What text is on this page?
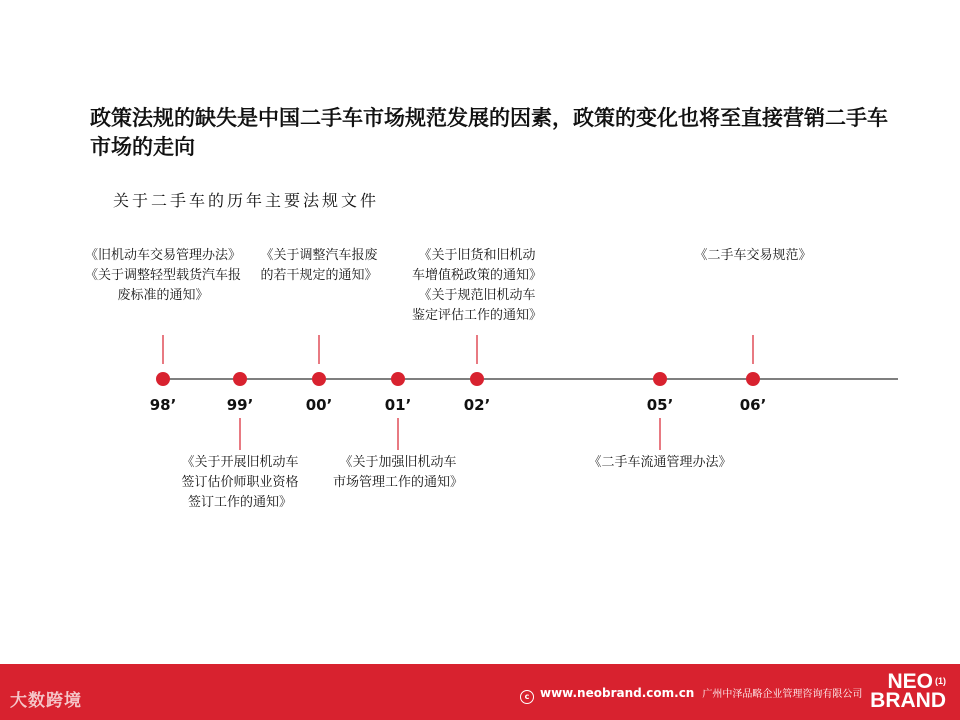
政策法规的缺失是中国二手车市场规范发展的因素，政策的变化也将至直接营销二手车市场的走向
关于二手车的历年主要法规文件
《旧机动车交易管理办法》
《关于调整轻型载货汽车报
废标准的通知》
98’
《关于开展旧机动车
签订估价师职业资格
签订工作的通知》
99’
《关于调整汽车报废
的若干规定的通知》
00’
《关于加强旧机动车
市场管理工作的通知》
01’
《关于旧货和旧机动
车增值税政策的通知》
《关于规范旧机动车
鉴定评估工作的通知》
02’
《二手车流通管理办法》
05’
《二手车交易规范》
06’
大数跨境	c www.neobrand.com.cn 广州中泽品略企业管理咨询有限公司
NEO $^{(1)}$
BRAND
